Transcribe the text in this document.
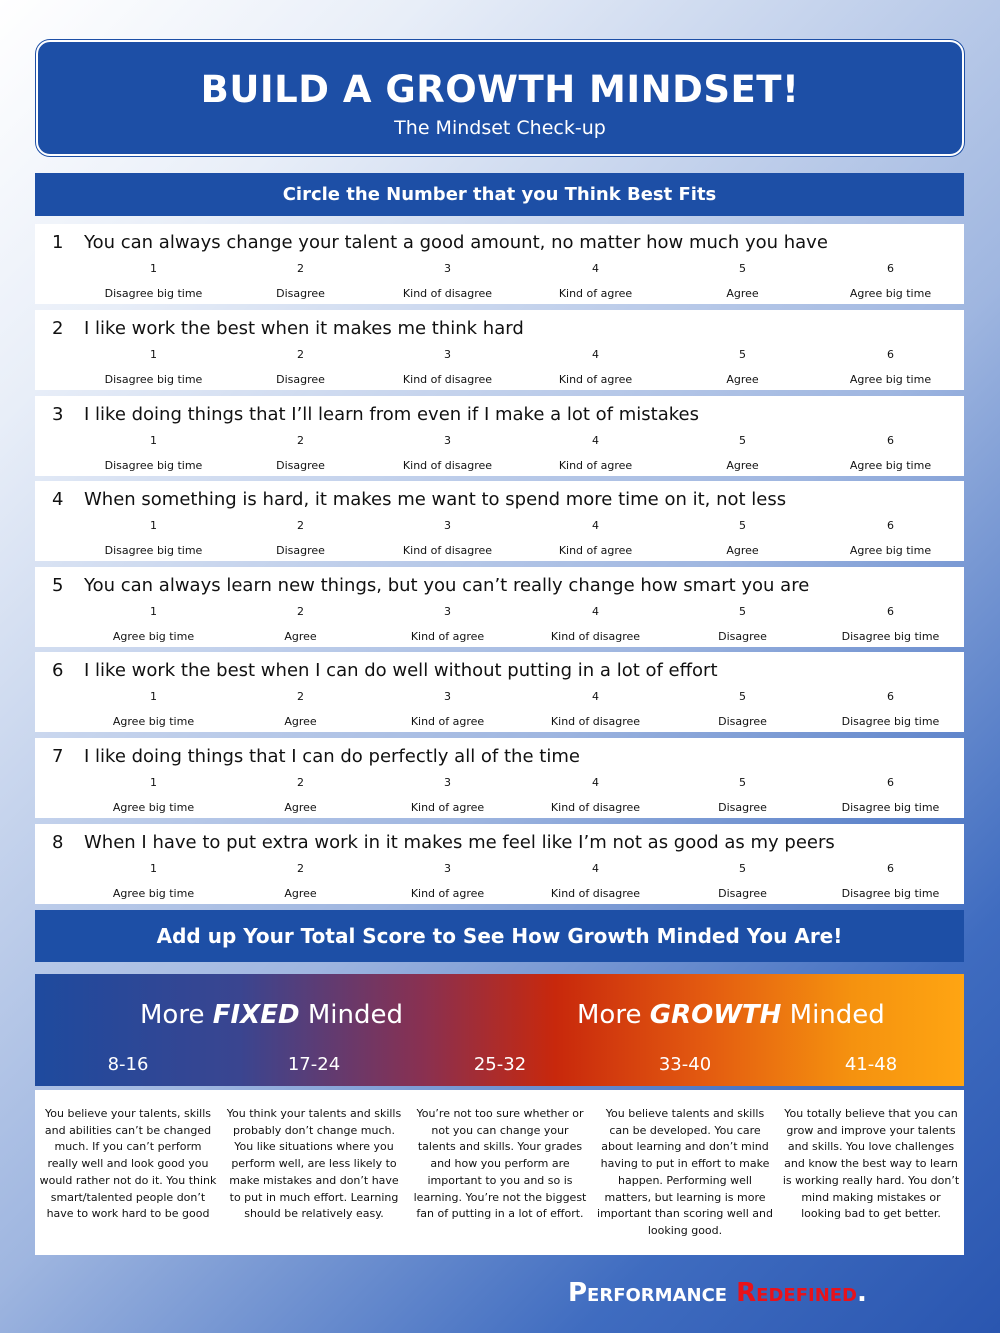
BUILD A GROWTH MINDSET!
The Mindset Check-up
Circle the Number that you Think Best Fits
1 You can always change your talent a good amount, no matter how much you have
1
Disagree big time
2
Disagree
3
Kind of disagree
4
Kind of agree
5
Agree
6
Agree big time
2 I like work the best when it makes me think hard
1
Disagree big time
2
Disagree
3
Kind of disagree
4
Kind of agree
5
Agree
6
Agree big time
3 I like doing things that I’ll learn from even if I make a lot of mistakes
1
Disagree big time
2
Disagree
3
Kind of disagree
4
Kind of agree
5
Agree
6
Agree big time
4 When something is hard, it makes me want to spend more time on it, not less
1
Disagree big time
2
Disagree
3
Kind of disagree
4
Kind of agree
5
Agree
6
Agree big time
5 You can always learn new things, but you can’t really change how smart you are
1
Agree big time
2
Agree
3
Kind of agree
4
Kind of disagree
5
Disagree
6
Disagree big time
6 I like work the best when I can do well without putting in a lot of effort
1
Agree big time
2
Agree
3
Kind of agree
4
Kind of disagree
5
Disagree
6
Disagree big time
7 I like doing things that I can do perfectly all of the time
1
Agree big time
2
Agree
3
Kind of agree
4
Kind of disagree
5
Disagree
6
Disagree big time
8 When I have to put extra work in it makes me feel like I’m not as good as my peers
1
Agree big time
2
Agree
3
Kind of agree
4
Kind of disagree
5
Disagree
6
Disagree big time
Add up Your Total Score to See How Growth Minded You Are!
More FIXED Minded	More GROWTH Minded
8-16	17-24	25-32	33-40	41-48
You believe your talents, skills and abilities can’t be changed much. If you can’t perform really well and look good you would rather not do it. You think smart/talented people don’t have to work hard to be good
You think your talents and skills probably don’t change much. You like situations where you perform well, are less likely to make mistakes and don’t have to put in much effort. Learning should be relatively easy.
You’re not too sure whether or not you can change your talents and skills. Your grades and how you perform are important to you and so is learning. You’re not the biggest fan of putting in a lot of effort.
You believe talents and skills can be developed. You care about learning and don’t mind having to put in effort to make happen. Performing well matters, but learning is more important than scoring well and looking good.
You totally believe that you can grow and improve your talents and skills. You love challenges and know the best way to learn is working really hard. You don’t mind making mistakes or looking bad to get better.
Performance Redefined.
